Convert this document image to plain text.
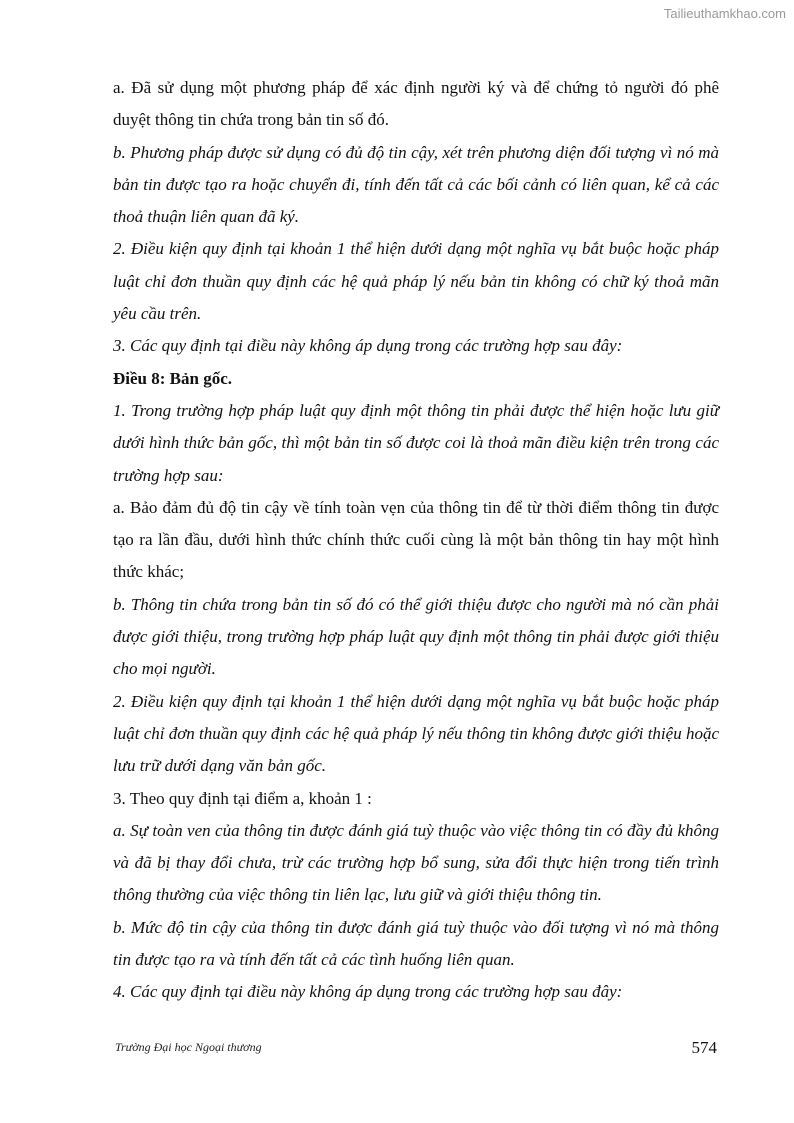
Tailieuthamkhao.com

a. Đã sử dụng một phương pháp để xác định người ký và để chứng tỏ người đó phê duyệt thông tin chứa trong bản tin số đó.

b. Phương pháp được sử dụng có đủ độ tin cậy, xét trên phương diện đối tượng vì nó mà bản tin được tạo ra hoặc chuyển đi, tính đến tất cả các bối cảnh có liên quan, kể cả các thoả thuận liên quan đã ký.

2. Điều kiện quy định tại khoản 1 thể hiện dưới dạng một nghĩa vụ bắt buộc hoặc pháp luật chỉ đơn thuần quy định các hệ quả pháp lý nếu bản tin không có chữ ký thoả mãn yêu cầu trên.

3. Các quy định tại điều này không áp dụng trong các trường hợp sau đây:

Điều 8: Bản gốc.

1. Trong trường hợp pháp luật quy định một thông tin phải được thể hiện hoặc lưu giữ dưới hình thức bản gốc, thì một bản tin số được coi là thoả mãn điều kiện trên trong các trường hợp sau:

a. Bảo đảm đủ độ tin cậy về tính toàn vẹn của thông tin để từ thời điểm thông tin được tạo ra lần đầu, dưới hình thức chính thức cuối cùng là một bản thông tin hay một hình thức khác;

b. Thông tin chứa trong bản tin số đó có thể giới thiệu được cho người mà nó cần phải được giới thiệu, trong trường hợp pháp luật quy định một thông tin phải được giới thiệu cho mọi người.

2. Điều kiện quy định tại khoản 1 thể hiện dưới dạng một nghĩa vụ bắt buộc hoặc pháp luật chỉ đơn thuần quy định các hệ quả pháp lý nếu thông tin không được giới thiệu hoặc lưu trữ dưới dạng văn bản gốc.

3. Theo quy định tại điểm a, khoản 1 :

a. Sự toàn ven của thông tin được đánh giá tuỳ thuộc vào việc thông tin có đầy đủ không và đã bị thay đổi chưa, trừ các trường hợp bổ sung, sửa đổi thực hiện trong tiến trình thông thường của việc thông tin liên lạc, lưu giữ và giới thiệu thông tin.

b. Mức độ tin cậy của thông tin được đánh giá tuỳ thuộc vào đối tượng vì nó mà thông tin được tạo ra và tính đến tất cả các tình huống liên quan.

4. Các quy định tại điều này không áp dụng trong các trường hợp sau đây:

Trường Đại học Ngoại thương	574
